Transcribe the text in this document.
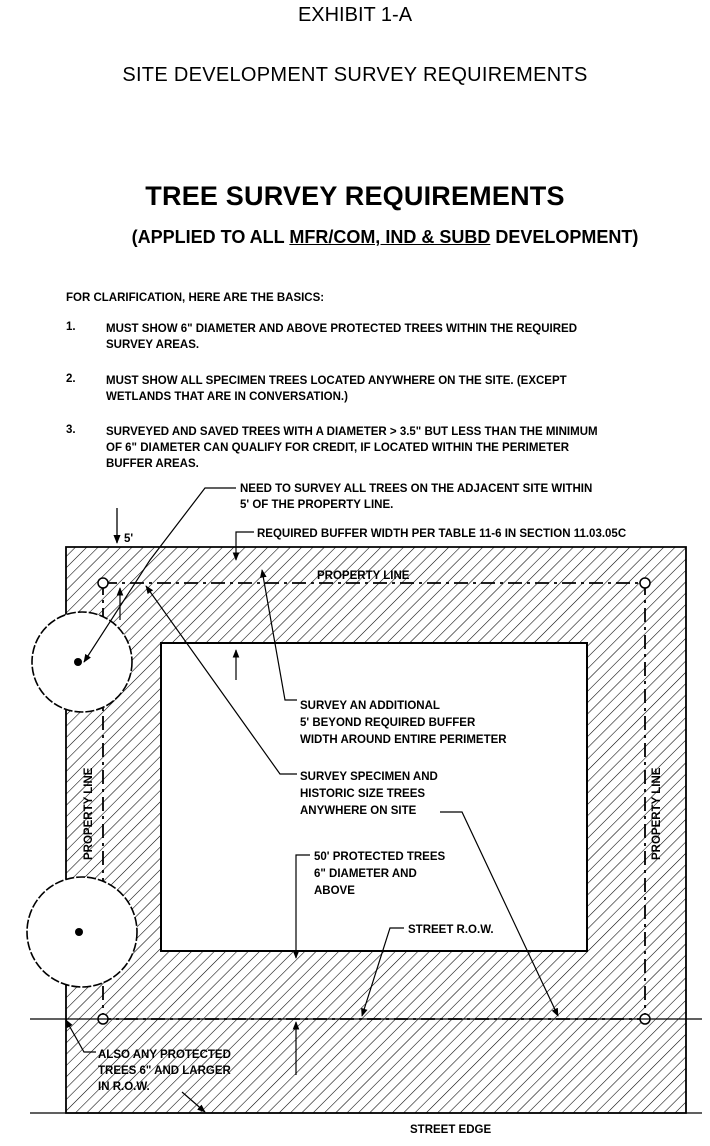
EXHIBIT 1-A
SITE DEVELOPMENT SURVEY REQUIREMENTS
TREE SURVEY REQUIREMENTS
(APPLIED TO ALL MFR/COM, IND & SUBD DEVELOPMENT)
FOR CLARIFICATION, HERE ARE THE BASICS:
1.	MUST SHOW 6" DIAMETER AND ABOVE PROTECTED TREES WITHIN THE REQUIRED
SURVEY AREAS.
2.	MUST SHOW ALL SPECIMEN TREES LOCATED ANYWHERE ON THE SITE. (EXCEPT
WETLANDS THAT ARE IN CONVERSATION.)
3.	SURVEYED AND SAVED TREES WITH A DIAMETER > 3.5" BUT LESS THAN THE MINIMUM
OF 6" DIAMETER CAN QUALIFY FOR CREDIT, IF LOCATED WITHIN THE PERIMETER
BUFFER AREAS.
5'
PROPERTY LINE
PROPERTY LINE	PROPERTY LINE
NEED TO SURVEY ALL TREES ON THE ADJACENT SITE WITHIN
5' OF THE PROPERTY LINE.
REQUIRED BUFFER WIDTH PER TABLE 11-6 IN SECTION 11.03.05C
SURVEY AN ADDITIONAL
5' BEYOND REQUIRED BUFFER
WIDTH AROUND ENTIRE PERIMETER
SURVEY SPECIMEN AND
HISTORIC SIZE TREES
ANYWHERE ON SITE
50' PROTECTED TREES
6" DIAMETER AND
ABOVE
STREET R.O.W.
ALSO ANY PROTECTED
TREES 6" AND LARGER
IN R.O.W.
STREET EDGE
